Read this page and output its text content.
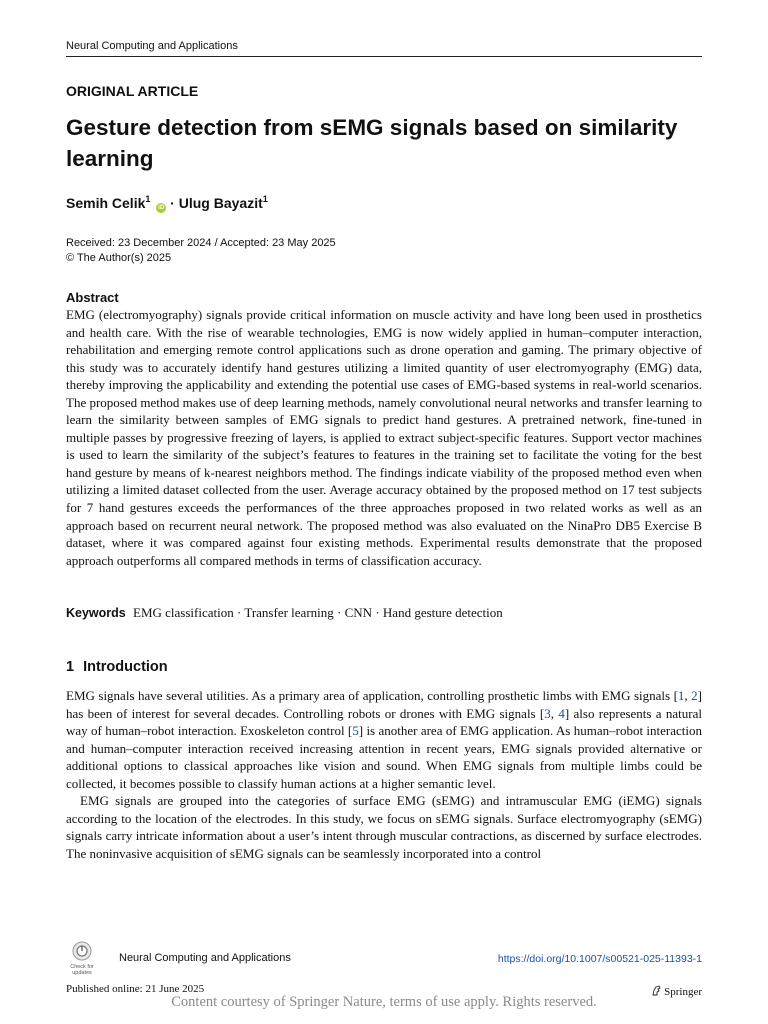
Neural Computing and Applications
ORIGINAL ARTICLE
Gesture detection from sEMG signals based on similarity learning
Semih Celik$^1$ iD · Ulug Bayazit$^1$
Received: 23 December 2024 / Accepted: 23 May 2025
© The Author(s) 2025
Abstract
EMG (electromyography) signals provide critical information on muscle activity and have long been used in prosthetics and health care. With the rise of wearable technologies, EMG is now widely applied in human–computer interaction, rehabilitation and emerging remote control applications such as drone operation and gaming. The primary objective of this study was to accurately identify hand gestures utilizing a limited quantity of user electromyography (EMG) data, thereby improving the applicability and extending the potential use cases of EMG-based systems in real-world scenarios. The proposed method makes use of deep learning methods, namely convolutional neural networks and transfer learning to learn the similarity between samples of EMG signals to predict hand gestures. A pretrained network, fine-tuned in multiple passes by progressive freezing of layers, is applied to extract subject-specific features. Support vector machines is used to learn the similarity of the subject’s features to features in the training set to facilitate the voting for the best hand gesture by means of k-nearest neighbors method. The findings indicate viability of the proposed method even when utilizing a limited dataset collected from the user. Average accuracy obtained by the proposed method on 17 test subjects for 7 hand gestures exceeds the performances of the three approaches proposed in two related works as well as an approach based on recurrent neural network. The proposed method was also evaluated on the NinaPro DB5 Exercise B dataset, where it was compared against four existing methods. Experimental results demonstrate that the proposed approach outperforms all compared methods in terms of classification accuracy.
Keywords EMG classification · Transfer learning · CNN · Hand gesture detection
1 Introduction

EMG signals have several utilities. As a primary area of application, controlling prosthetic limbs with EMG signals [1, 2] has been of interest for several decades. Controlling robots or drones with EMG signals [3, 4] also represents a natural way of human–robot interaction. Exoskeleton control [5] is another area of EMG application. As human–robot interaction and human–computer interaction received increasing attention in recent years, EMG signals provided alternative or additional options to classical approaches like vision and sound. When EMG signals from multiple limbs could be collected, it becomes possible to classify human actions at a higher semantic level.

EMG signals are grouped into the categories of surface EMG (sEMG) and intramuscular EMG (iEMG) signals according to the location of the electrodes. In this study, we focus on sEMG signals. Surface electromyography (sEMG) signals carry intricate information about a user’s intent through muscular contractions, as discerned by surface electrodes. The noninvasive acquisition of sEMG signals can be seamlessly incorporated into a control

Check for
updates
Neural Computing and Applications	https://doi.org/10.1007/s00521-025-11393-1
Published online: 21 June 2025	Springer
Content courtesy of Springer Nature, terms of use apply. Rights reserved.
